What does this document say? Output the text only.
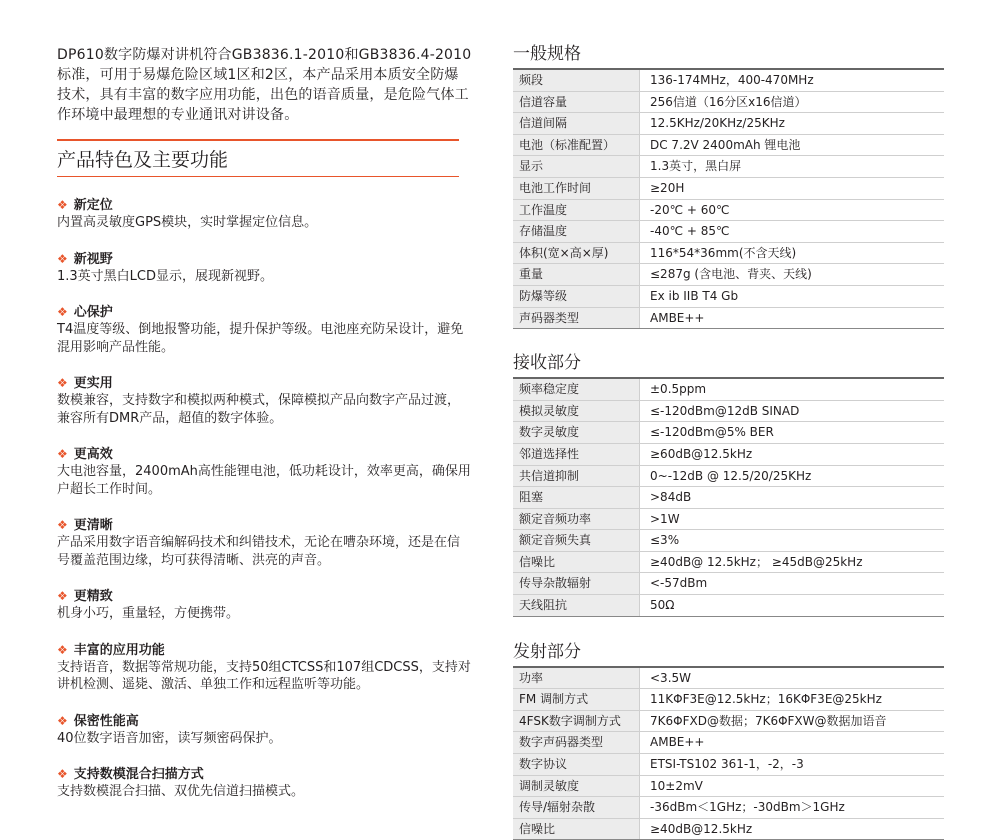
DP610数字防爆对讲机符合GB3836.1-2010和GB3836.4-2010标准，可用于易爆危险区域1区和2区，本产品采用本质安全防爆技术，具有丰富的数字应用功能，出色的语音质量，是危险气体工作环境中最理想的专业通讯对讲设备。

产品特色及主要功能
❖ 新定位
内置高灵敏度GPS模块，实时掌握定位信息。
❖ 新视野
1.3英寸黑白LCD显示，展现新视野。
❖ 心保护
T4温度等级、倒地报警功能，提升保护等级。电池座充防呆设计，避免混用影响产品性能。
❖ 更实用
数模兼容，支持数字和模拟两种模式，保障模拟产品向数字产品过渡，兼容所有DMR产品，超值的数字体验。
❖ 更高效
大电池容量，2400mAh高性能锂电池，低功耗设计，效率更高，确保用户超长工作时间。
❖ 更清晰
产品采用数字语音编解码技术和纠错技术，无论在嘈杂环境，还是在信号覆盖范围边缘，均可获得清晰、洪亮的声音。
❖ 更精致
机身小巧，重量轻，方便携带。
❖ 丰富的应用功能
支持语音，数据等常规功能，支持50组CTCSS和107组CDCSS，支持对讲机检测、遥毙、激活、单独工作和远程监听等功能。
❖ 保密性能高
40位数字语音加密，读写频密码保护。
❖ 支持数模混合扫描方式
支持数模混合扫描、双优先信道扫描模式。
一般规格
频段	136-174MHz，400-470MHz
信道容量	256信道（16分区x16信道）
信道间隔	12.5KHz/20KHz/25KHz
电池（标准配置）	DC 7.2V 2400mAh 锂电池
显示	1.3英寸，黑白屏
电池工作时间	≥20H
工作温度	-20℃ + 60℃
存储温度	-40℃ + 85℃
体积(宽×高×厚)	116*54*36mm(不含天线)
重量	≤287g (含电池、背夹、天线)
防爆等级	Ex ib IIB T4 Gb
声码器类型	AMBE++
接收部分
频率稳定度	±0.5ppm
模拟灵敏度	≤-120dBm@12dB SINAD
数字灵敏度	≤-120dBm@5% BER
邻道选择性	≥60dB@12.5kHz
共信道抑制	0~-12dB @ 12.5/20/25KHz
阻塞	>84dB
额定音频功率	>1W
额定音频失真	≤3%
信噪比	≥40dB@ 12.5kHz； ≥45dB@25kHz
传导杂散辐射	<-57dBm
天线阻抗	50Ω
发射部分
功率	<3.5W
FM 调制方式	11KΦF3E@12.5kHz；16KΦF3E@25kHz
4FSK数字调制方式	7K6ΦFXD@数据；7K6ΦFXW@数据加语音
数字声码器类型	AMBE++
数字协议	ETSI-TS102 361-1，-2，-3
调制灵敏度	10±2mV
传导/辐射杂散	-36dBm＜1GHz；-30dBm＞1GHz
信噪比	≥40dB@12.5kHz
